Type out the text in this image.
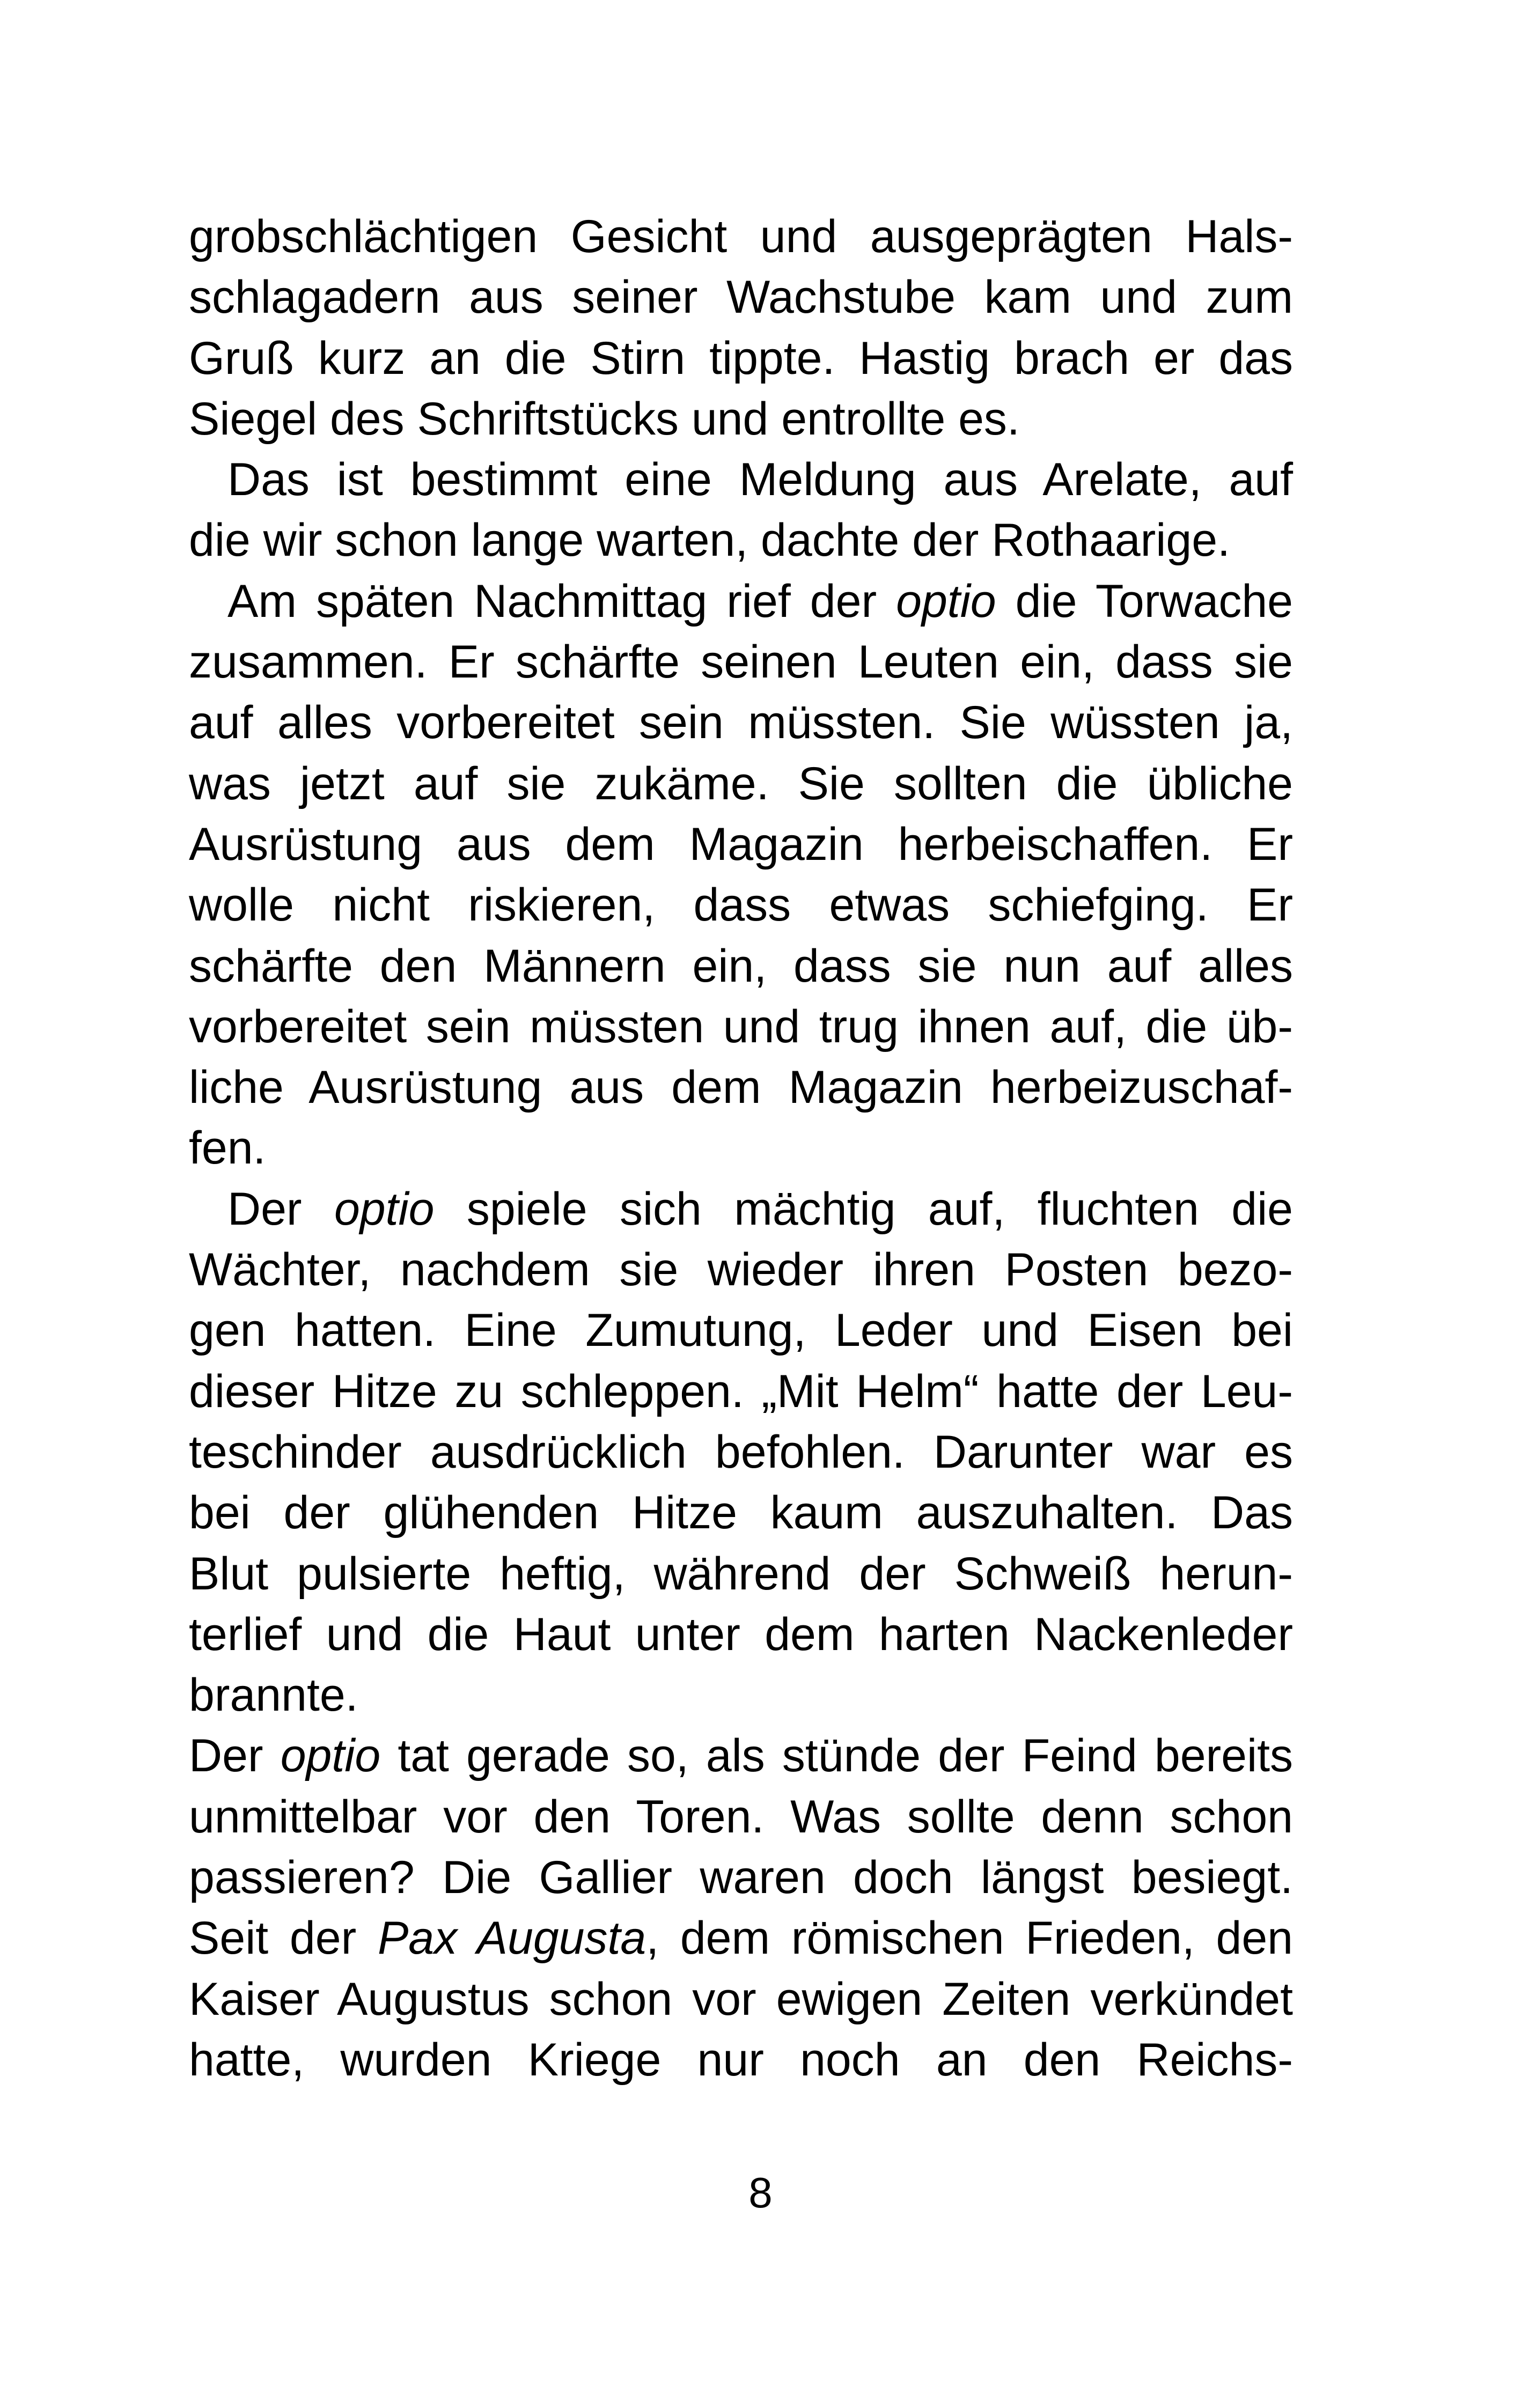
grobschlächtigen Gesicht und ausgeprägten Hals-
schlagadern aus seiner Wachstube kam und zum
Gruß kurz an die Stirn tippte. Hastig brach er das
Siegel des Schriftstücks und entrollte es.
Das ist bestimmt eine Meldung aus Arelate, auf
die wir schon lange warten, dachte der Rothaarige.
Am späten Nachmittag rief der optio die Torwache
zusammen. Er schärfte seinen Leuten ein, dass sie
auf alles vorbereitet sein müssten. Sie wüssten ja,
was jetzt auf sie zukäme. Sie sollten die übliche
Ausrüstung aus dem Magazin herbeischaffen. Er
wolle nicht riskieren, dass etwas schiefging. Er
schärfte den Männern ein, dass sie nun auf alles
vorbereitet sein müssten und trug ihnen auf, die üb-
liche Ausrüstung aus dem Magazin herbeizuschaf-
fen.
Der optio spiele sich mächtig auf, fluchten die
Wächter, nachdem sie wieder ihren Posten bezo-
gen hatten. Eine Zumutung, Leder und Eisen bei
dieser Hitze zu schleppen. „Mit Helm“ hatte der Leu-
teschinder ausdrücklich befohlen. Darunter war es
bei der glühenden Hitze kaum auszuhalten. Das
Blut pulsierte heftig, während der Schweiß herun-
terlief und die Haut unter dem harten Nackenleder
brannte.
Der optio tat gerade so, als stünde der Feind bereits
unmittelbar vor den Toren. Was sollte denn schon
passieren? Die Gallier waren doch längst besiegt.
Seit der Pax Augusta, dem römischen Frieden, den
Kaiser Augustus schon vor ewigen Zeiten verkündet
hatte, wurden Kriege nur noch an den Reichs-
8
